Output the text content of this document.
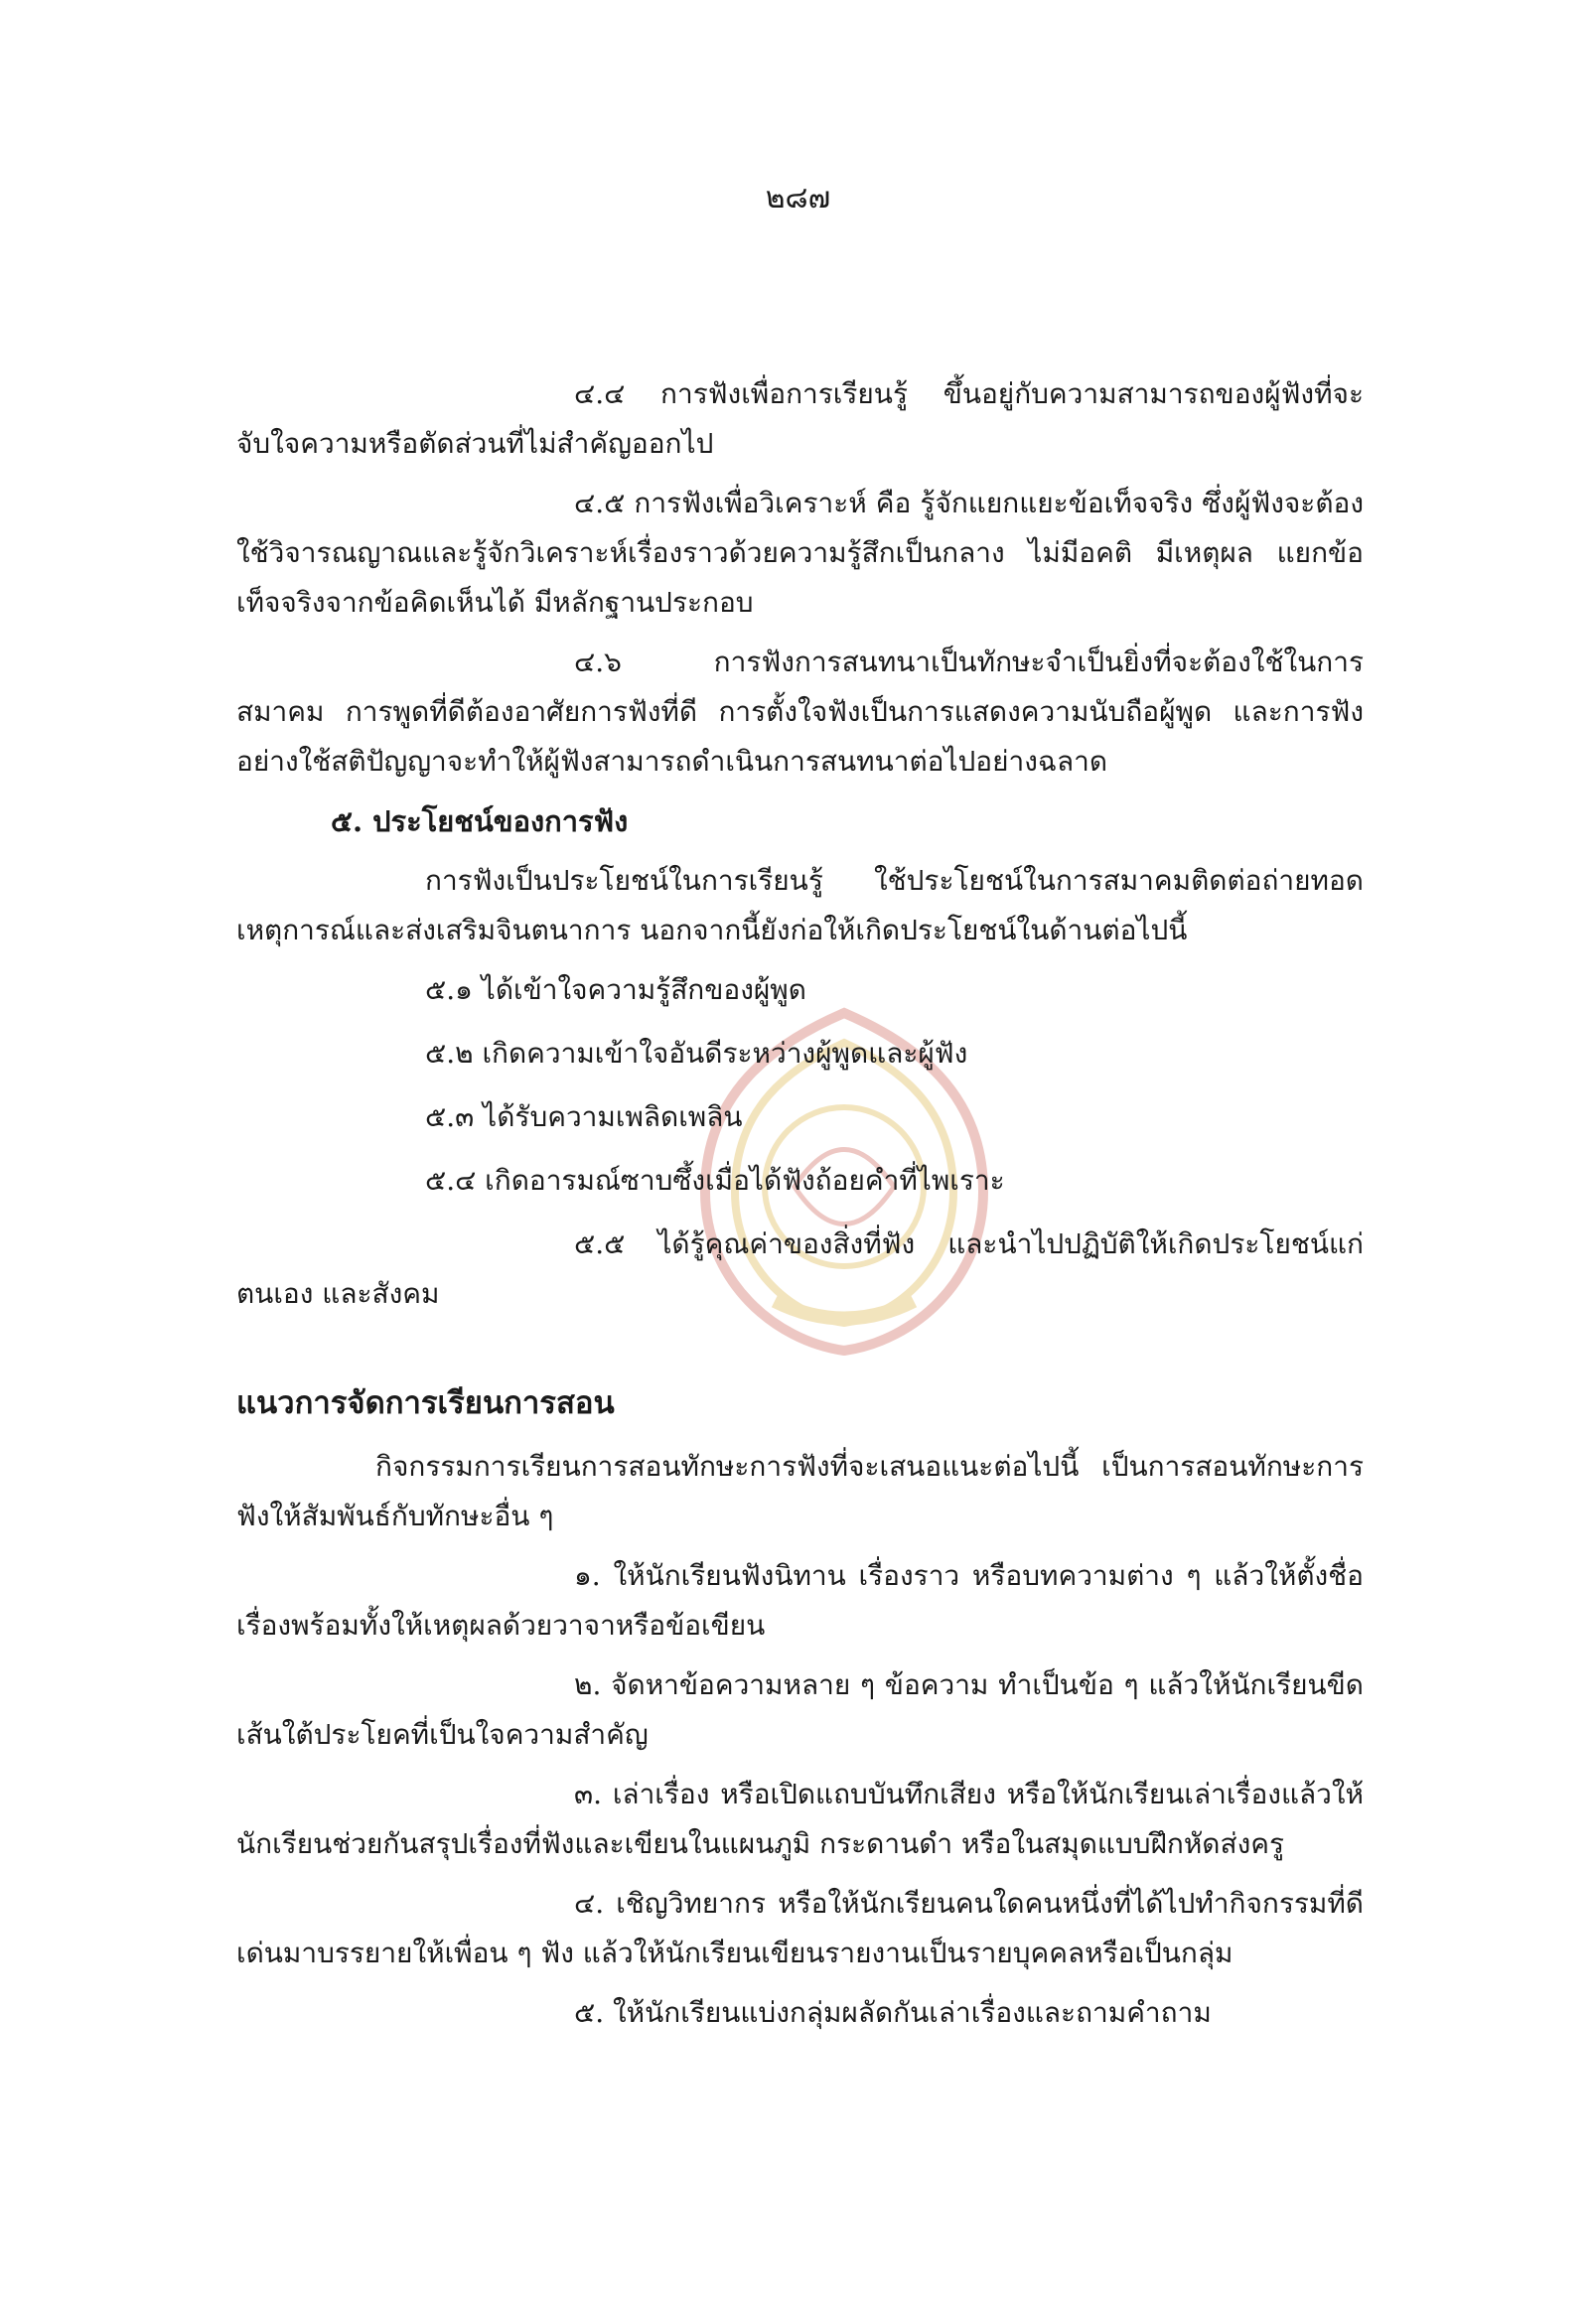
๒๘๗

๔.๔ การฟังเพื่อการเรียนรู้ ขึ้นอยู่กับความสามารถของผู้ฟังที่จะจับใจความหรือตัดส่วนที่ไม่สำคัญออกไป

๔.๕ การฟังเพื่อวิเคราะห์ คือ รู้จักแยกแยะข้อเท็จจริง ซึ่งผู้ฟังจะต้องใช้วิจารณญาณและรู้จักวิเคราะห์เรื่องราวด้วยความรู้สึกเป็นกลาง ไม่มีอคติ มีเหตุผล แยกข้อเท็จจริงจากข้อคิดเห็นได้ มีหลักฐานประกอบ

๔.๖ การฟังการสนทนาเป็นทักษะจำเป็นยิ่งที่จะต้องใช้ในการสมาคม การพูดที่ดีต้องอาศัยการฟังที่ดี การตั้งใจฟังเป็นการแสดงความนับถือผู้พูด และการฟังอย่างใช้สติปัญญาจะทำให้ผู้ฟังสามารถดำเนินการสนทนาต่อไปอย่างฉลาด

๕. ประโยชน์ของการฟัง

การฟังเป็นประโยชน์ในการเรียนรู้ ใช้ประโยชน์ในการสมาคมติดต่อถ่ายทอดเหตุการณ์และส่งเสริมจินตนาการ นอกจากนี้ยังก่อให้เกิดประโยชน์ในด้านต่อไปนี้

๕.๑ ได้เข้าใจความรู้สึกของผู้พูด
๕.๒ เกิดความเข้าใจอันดีระหว่างผู้พูดและผู้ฟัง
๕.๓ ได้รับความเพลิดเพลิน
๕.๔ เกิดอารมณ์ซาบซึ้งเมื่อได้ฟังถ้อยคำที่ไพเราะ

๕.๕ ได้รู้คุณค่าของสิ่งที่ฟัง และนำไปปฏิบัติให้เกิดประโยชน์แก่ตนเอง และสังคม

แนวการจัดการเรียนการสอน

กิจกรรมการเรียนการสอนทักษะการฟังที่จะเสนอแนะต่อไปนี้ เป็นการสอนทักษะการฟังให้สัมพันธ์กับทักษะอื่น ๆ

๑. ให้นักเรียนฟังนิทาน เรื่องราว หรือบทความต่าง ๆ แล้วให้ตั้งชื่อเรื่องพร้อมทั้งให้เหตุผลด้วยวาจาหรือข้อเขียน

๒. จัดหาข้อความหลาย ๆ ข้อความ ทำเป็นข้อ ๆ แล้วให้นักเรียนขีดเส้นใต้ประโยคที่เป็นใจความสำคัญ

๓. เล่าเรื่อง หรือเปิดแถบบันทึกเสียง หรือให้นักเรียนเล่าเรื่องแล้วให้นักเรียนช่วยกันสรุปเรื่องที่ฟังและเขียนในแผนภูมิ กระดานดำ หรือในสมุดแบบฝึกหัดส่งครู

๔. เชิญวิทยากร หรือให้นักเรียนคนใดคนหนึ่งที่ได้ไปทำกิจกรรมที่ดีเด่นมาบรรยายให้เพื่อน ๆ ฟัง แล้วให้นักเรียนเขียนรายงานเป็นรายบุคคลหรือเป็นกลุ่ม

๕. ให้นักเรียนแบ่งกลุ่มผลัดกันเล่าเรื่องและถามคำถาม
